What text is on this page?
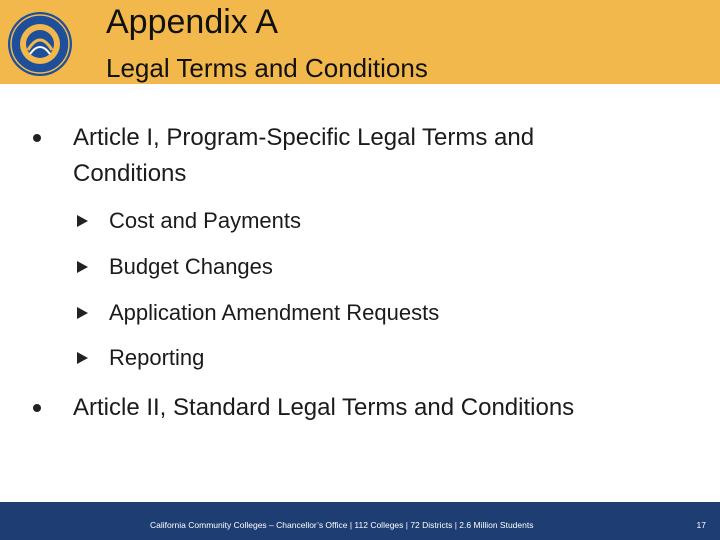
Appendix A
Legal Terms and Conditions
Article I, Program-Specific Legal Terms and
Conditions
Cost and Payments
Budget Changes
Application Amendment Requests
Reporting
Article II, Standard Legal Terms and Conditions
California Community Colleges – Chancellor’s Office | 112 Colleges | 72 Districts | 2.6 Million Students	17
